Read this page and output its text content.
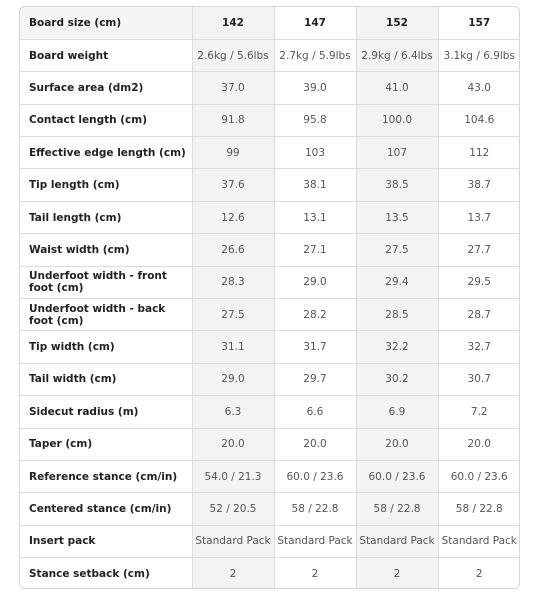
Board size (cm)	142	147	152	157
Board weight	2.6kg / 5.6lbs	2.7kg / 5.9lbs	2.9kg / 6.4lbs	3.1kg / 6.9lbs
Surface area (dm2)	37.0	39.0	41.0	43.0
Contact length (cm)	91.8	95.8	100.0	104.6
Effective edge length (cm)	99	103	107	112
Tip length (cm)	37.6	38.1	38.5	38.7
Tail length (cm)	12.6	13.1	13.5	13.7
Waist width (cm)	26.6	27.1	27.5	27.7
Underfoot width - front foot (cm)	28.3	29.0	29.4	29.5
Underfoot width - back foot (cm)	27.5	28.2	28.5	28.7
Tip width (cm)	31.1	31.7	32.2	32.7
Tail width (cm)	29.0	29.7	30.2	30.7
Sidecut radius (m)	6.3	6.6	6.9	7.2
Taper (cm)	20.0	20.0	20.0	20.0
Reference stance (cm/in)	54.0 / 21.3	60.0 / 23.6	60.0 / 23.6	60.0 / 23.6
Centered stance (cm/in)	52 / 20.5	58 / 22.8	58 / 22.8	58 / 22.8
Insert pack	Standard Pack	Standard Pack	Standard Pack	Standard Pack
Stance setback (cm)	2	2	2	2
